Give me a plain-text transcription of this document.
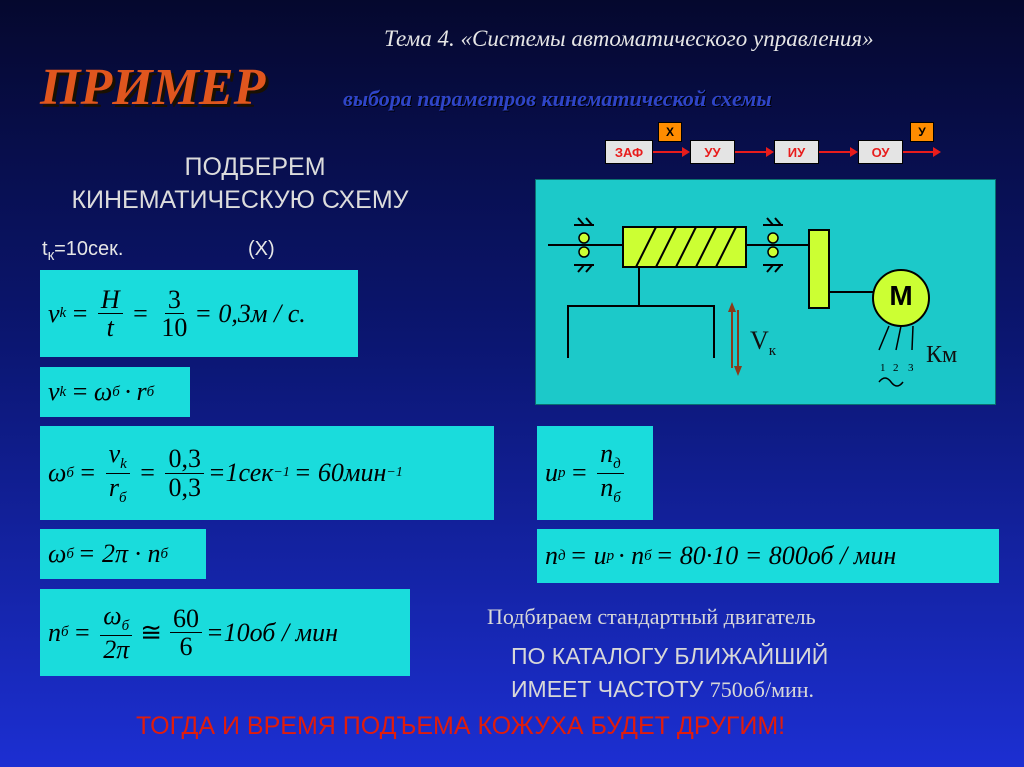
Тема 4. «Системы автоматического управления»
ПРИМЕР	выбора параметров кинематической схемы
ЗАФ	УУ	ИУ	ОУ
Х	У
ПОДБЕРЕМ
КИНЕМАТИЧЕСКУЮ СХЕМУ
$t_к=10сек$.	(Х)
М
$V_к$	Км
1 2 3
v $k = \frac{H}{t} = \frac{3}{10} = 0,3м / с$.
v k = ω б · r б
ω $б = \frac{v_k}{r_б} = \frac{0,3}{0,3} =1сек -1 = 60мин -1$
ω б = 2π · n б
n $б = \frac{\omega_б}{2\pi}$ ≅ $\frac{60}{6} =10об$ / мин
u $р = \frac{n_д}{n_б}$
n д = u р · n б = 80·10 = 800об / мин
Подбираем стандартный двигатель
ПО КАТАЛОГУ БЛИЖАЙШИЙ
ИМЕЕТ ЧАСТОТУ 750об/мин.
ТОГДА И ВРЕМЯ ПОДЪЕМА КОЖУХА БУДЕТ ДРУГИМ!
